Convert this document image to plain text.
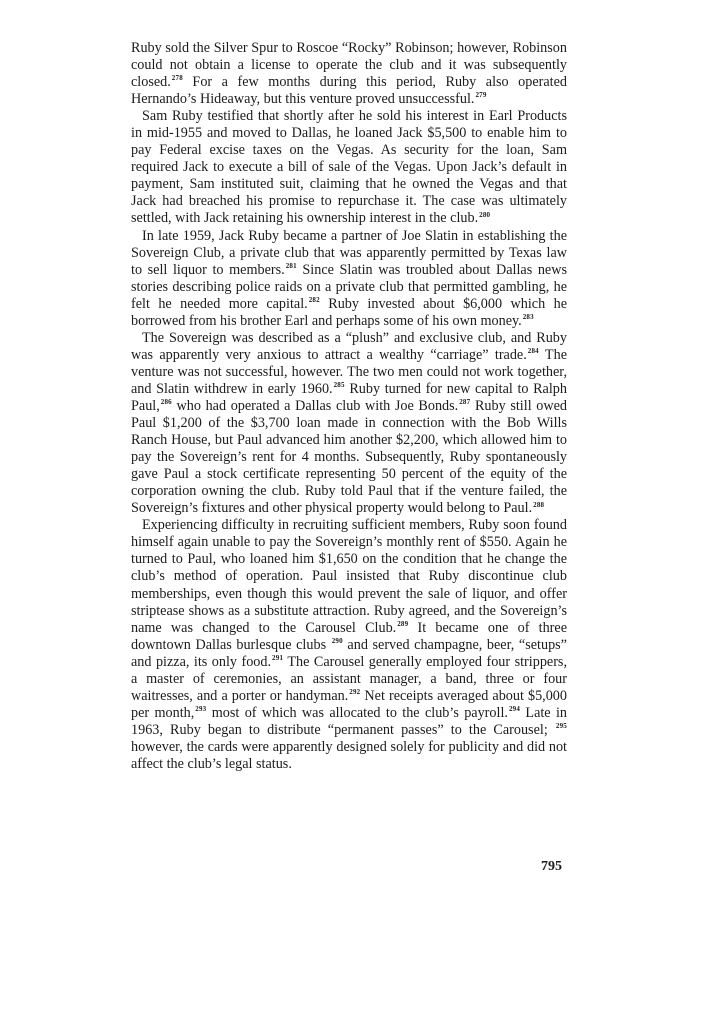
Ruby sold the Silver Spur to Roscoe “Rocky” Robinson; however, Robinson could not obtain a license to operate the club and it was subsequently closed.$^{278}$ For a few months during this period, Ruby also operated Hernando’s Hideaway, but this venture proved unsuccessful.$^{279}$

Sam Ruby testified that shortly after he sold his interest in Earl Products in mid-1955 and moved to Dallas, he loaned Jack $5,500 to enable him to pay Federal excise taxes on the Vegas. As security for the loan, Sam required Jack to execute a bill of sale of the Vegas. Upon Jack’s default in payment, Sam instituted suit, claiming that he owned the Vegas and that Jack had breached his promise to repurchase it. The case was ultimately settled, with Jack retaining his ownership interest in the club.$^{280}$

In late 1959, Jack Ruby became a partner of Joe Slatin in establishing the Sovereign Club, a private club that was apparently permitted by Texas law to sell liquor to members.$^{281}$ Since Slatin was troubled about Dallas news stories describing police raids on a private club that permitted gambling, he felt he needed more capital.$^{282}$ Ruby invested about $6,000 which he borrowed from his brother Earl and perhaps some of his own money.$^{283}$

The Sovereign was described as a “plush” and exclusive club, and Ruby was apparently very anxious to attract a wealthy “carriage” trade.$^{284}$ The venture was not successful, however. The two men could not work together, and Slatin withdrew in early 1960.$^{285}$ Ruby turned for new capital to Ralph Paul,$^{286}$ who had operated a Dallas club with Joe Bonds.$^{287}$ Ruby still owed Paul $1,200 of the $3,700 loan made in connection with the Bob Wills Ranch House, but Paul advanced him another $2,200, which allowed him to pay the Sovereign’s rent for 4 months. Subsequently, Ruby spontaneously gave Paul a stock certificate representing 50 percent of the equity of the corporation owning the club. Ruby told Paul that if the venture failed, the Sovereign’s fixtures and other physical property would belong to Paul.$^{288}$

Experiencing difficulty in recruiting sufficient members, Ruby soon found himself again unable to pay the Sovereign’s monthly rent of $550. Again he turned to Paul, who loaned him $1,650 on the condition that he change the club’s method of operation. Paul insisted that Ruby discontinue club memberships, even though this would prevent the sale of liquor, and offer striptease shows as a substitute attraction. Ruby agreed, and the Sovereign’s name was changed to the Carousel Club.$^{289}$ It became one of three downtown Dallas burlesque clubs $^{290}$ and served champagne, beer, “setups” and pizza, its only food.$^{291}$ The Carousel generally employed four strippers, a master of ceremonies, an assistant manager, a band, three or four waitresses, and a porter or handyman.$^{292}$ Net receipts averaged about $5,000 per month,$^{293}$ most of which was allocated to the club’s payroll.$^{294}$ Late in 1963, Ruby began to distribute “permanent passes” to the Carousel; $^{295}$ however, the cards were apparently designed solely for publicity and did not affect the club’s legal status.

795
